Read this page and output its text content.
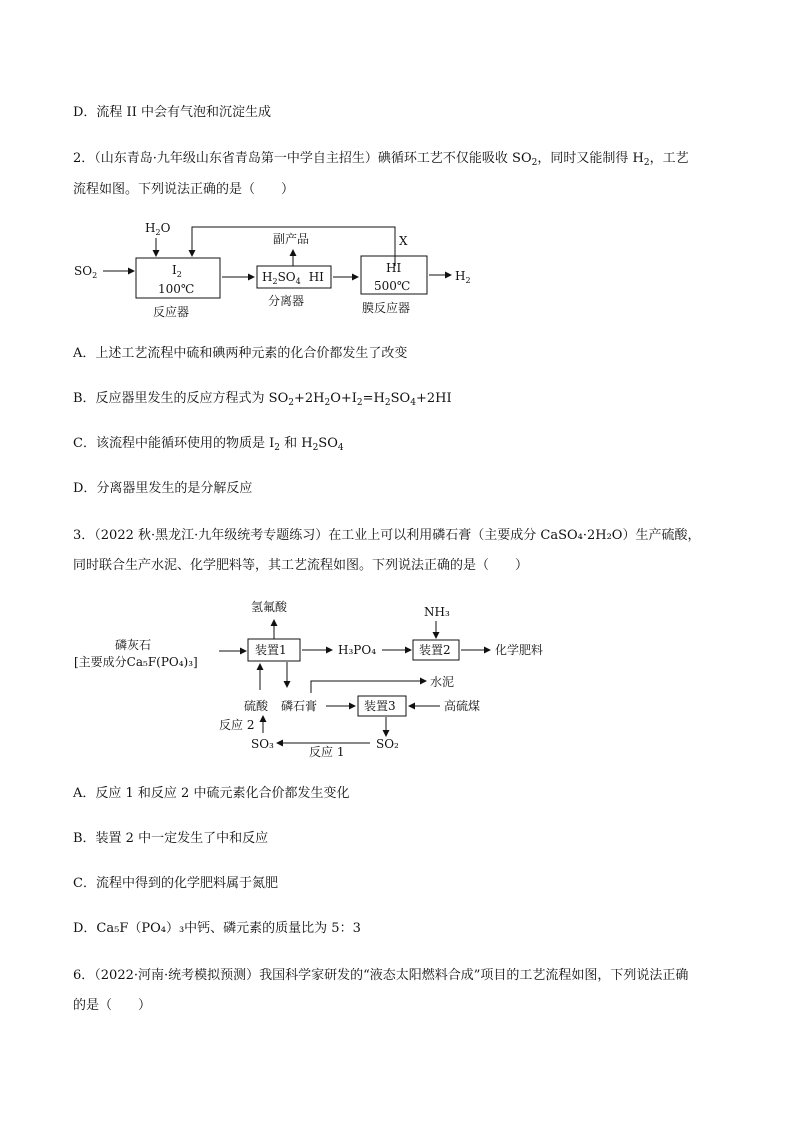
D．流程 II 中会有气泡和沉淀生成
2．（山东青岛·九年级山东省青岛第一中学自主招生）碘循环工艺不仅能吸收 $SO_2$，同时又能制得 $H_2$，工艺
流程如图。下列说法正确的是（　　）
$H_2O$
X
$SO_2$	$I_2$
100℃
反应器
$H_2SO_4$ HI
副产品
分离器
HI
500℃
膜反应器
$H_2$
A．上述工艺流程中硫和碘两种元素的化合价都发生了改变
B．反应器里发生的反应方程式为 $SO_2+2H_2O+I_2=H_2SO_4+2HI$
C．该流程中能循环使用的物质是 $I_2$ 和 $H_2SO_4$
D．分离器里发生的是分解反应
3．（2022 秋·黑龙江·九年级统考专题练习）在工业上可以利用磷石膏（主要成分 CaSO₄·2H₂O）生产硫酸，
同时联合生产水泥、化学肥料等，其工艺流程如图。下列说法正确的是（　　）
氢氟酸	NH₃
磷灰石
[主要成分Ca₅F(PO₄)₃]
装置1	H₃PO₄	装置2	化学肥料
水泥
硫酸 磷石膏	装置3	高硫煤
SO₂
反应 1
SO₃
反应 2
A．反应 1 和反应 2 中硫元素化合价都发生变化
B．装置 2 中一定发生了中和反应
C．流程中得到的化学肥料属于氮肥
D．Ca₅F（PO₄）₃中钙、磷元素的质量比为 5：3
6．（2022·河南·统考模拟预测）我国科学家研发的“液态太阳燃料合成”项目的工艺流程如图，下列说法正确
的是（　　）
